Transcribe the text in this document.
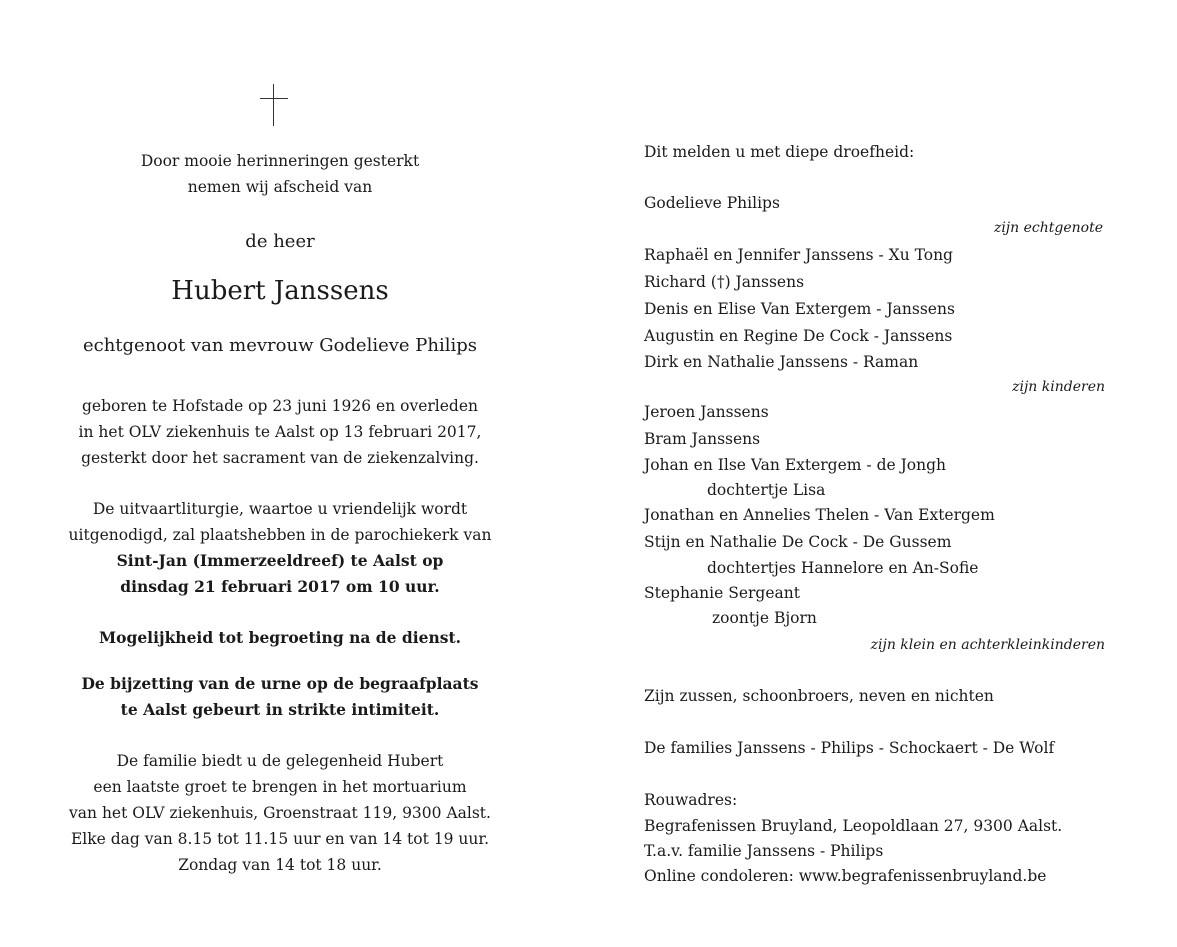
Door mooie herinneringen gesterkt
nemen wij afscheid van
de heer
Hubert Janssens
echtgenoot van mevrouw Godelieve Philips
geboren te Hofstade op 23 juni 1926 en overleden
in het OLV ziekenhuis te Aalst op 13 februari 2017,
gesterkt door het sacrament van de ziekenzalving.
De uitvaartliturgie, waartoe u vriendelijk wordt
uitgenodigd, zal plaatshebben in de parochiekerk van
Sint-Jan (Immerzeeldreef) te Aalst op
dinsdag 21 februari 2017 om 10 uur.
Mogelijkheid tot begroeting na de dienst.
De bijzetting van de urne op de begraafplaats
te Aalst gebeurt in strikte intimiteit.
De familie biedt u de gelegenheid Hubert
een laatste groet te brengen in het mortuarium
van het OLV ziekenhuis, Groenstraat 119, 9300 Aalst.
Elke dag van 8.15 tot 11.15 uur en van 14 tot 19 uur.
Zondag van 14 tot 18 uur.
Dit melden u met diepe droefheid:
Godelieve Philips
zijn echtgenote
Raphaël en Jennifer Janssens - Xu Tong
Richard (†) Janssens
Denis en Elise Van Extergem - Janssens
Augustin en Regine De Cock - Janssens
Dirk en Nathalie Janssens - Raman
zijn kinderen
Jeroen Janssens
Bram Janssens
Johan en Ilse Van Extergem - de Jongh
dochtertje Lisa
Jonathan en Annelies Thelen - Van Extergem
Stijn en Nathalie De Cock - De Gussem
dochtertjes Hannelore en An-Sofie
Stephanie Sergeant
zoontje Bjorn
zijn klein en achterkleinkinderen
Zijn zussen, schoonbroers, neven en nichten
De families Janssens - Philips - Schockaert - De Wolf
Rouwadres:
Begrafenissen Bruyland, Leopoldlaan 27, 9300 Aalst.
T.a.v. familie Janssens - Philips
Online condoleren: www.begrafenissenbruyland.be
